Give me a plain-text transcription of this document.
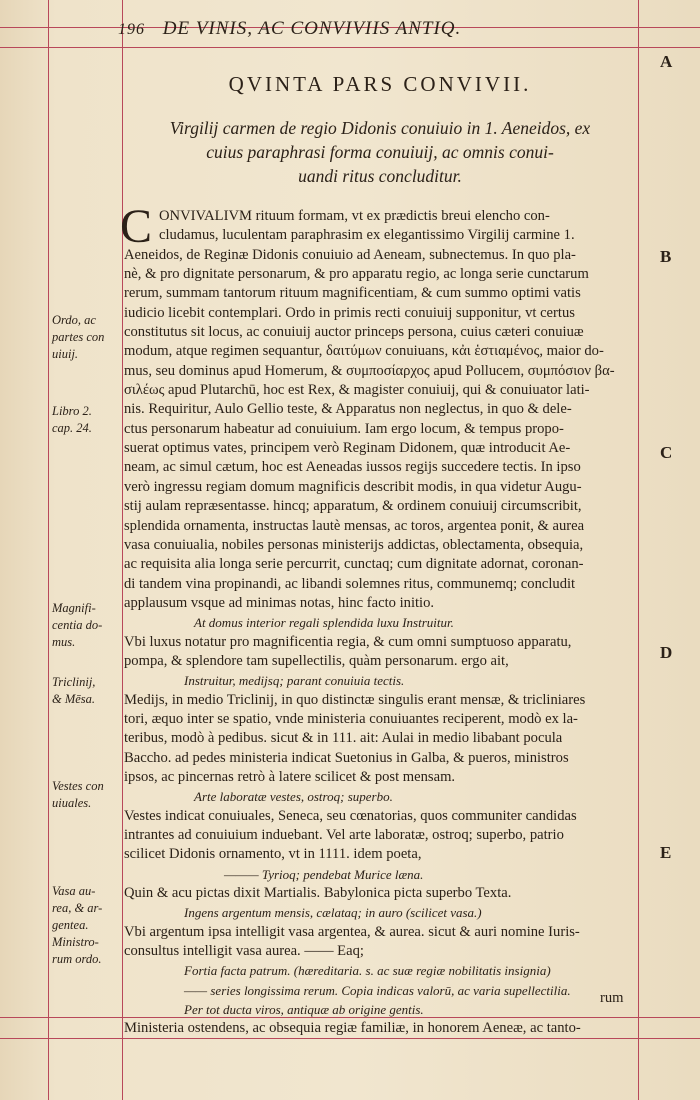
196 DE VINIS, AC CONVIVIIS ANTIQ.
QVINTA PARS CONVIVII.
Virgilij carmen de regio Didonis conuiuio in 1. Aeneidos, ex
cuius paraphrasi forma conuiuij, ac omnis conui-
uandi ritus concluditur.
C ONVIVALIVM rituum formam, vt ex prædictis breui elencho con-
cludamus, luculentam paraphrasim ex elegantissimo Virgilij carmine 1.
Aeneidos, de Reginæ Didonis conuiuio ad Aeneam, subnectemus. In quo pla-
nè, & pro dignitate personarum, & pro apparatu regio, ac longa serie cunctarum
rerum, summam tantorum rituum magnificentiam, & cum summo optimi vatis
iudicio licebit contemplari. Ordo in primis recti conuiuij supponitur, vt certus
constitutus sit locus, ac conuiuij auctor princeps persona, cuius cæteri conuiuæ
modum, atque regimen sequantur, δαιτύμων conuiuans, κἀι ἑστιαμένος, maior do-
mus, seu dominus apud Homerum, & συμποσίαρχος apud Pollucem, συμπόσιον βα-
σιλέως apud Plutarchū, hoc est Rex, & magister conuiuij, qui & conuiuator lati-
nis. Requiritur, Aulo Gellio teste, & Apparatus non neglectus, in quo & dele-
ctus personarum habeatur ad conuiuium. Iam ergo locum, & tempus propo-
suerat optimus vates, principem verò Reginam Didonem, quæ introducit Ae-
neam, ac simul cætum, hoc est Aeneadas iussos regijs succedere tectis. In ipso
verò ingressu regiam domum magnificis describit modis, in qua videtur Augu-
stij aulam repræsentasse. hincq; apparatum, & ordinem conuiuij circumscribit,
splendida ornamenta, instructas lautè mensas, ac toros, argentea ponit, & aurea
vasa conuiualia, nobiles personas ministerijs addictas, oblectamenta, obsequia,
ac requisita alia longa serie percurrit, cunctaq; cum dignitate adornat, coronan-
di tandem vina propinandi, ac libandi solemnes ritus, communemq; concludit
applausum vsque ad minimas notas, hinc facto initio.
At domus interior regali splendida luxu Instruitur.
Vbi luxus notatur pro magnificentia regia, & cum omni sumptuoso apparatu,
pompa, & splendore tam supellectilis, quàm personarum. ergo ait,
Instruitur, medijsq; parant conuiuia tectis.
Medijs, in medio Triclinij, in quo distinctæ singulis erant mensæ, & tricliniares
tori, æquo inter se spatio, vnde ministeria conuiuantes reciperent, modò ex la-
teribus, modò à pedibus. sicut & in 111. ait: Aulai in medio libabant pocula
Baccho. ad pedes ministeria indicat Suetonius in Galba, & pueros, ministros
ipsos, ac pincernas retrò à latere scilicet & post mensam.
Arte laboratæ vestes, ostroq; superbo.
Vestes indicat conuiuales, Seneca, seu cœnatorias, quos communiter candidas
intrantes ad conuiuium induebant. Vel arte laboratæ, ostroq; superbo, patrio
scilicet Didonis ornamento, vt in 1111. idem poeta,
——— Tyrioq; pendebat Murice læna.
Quin & acu pictas dixit Martialis. Babylonica picta superbo Texta.
Ingens argentum mensis, cælataq; in auro (scilicet vasa.)
Vbi argentum ipsa intelligit vasa argentea, & aurea. sicut & auri nomine Iuris-
consultus intelligit vasa aurea. —— Eaq;
Fortia facta patrum. (hæreditaria. s. ac suæ regiæ nobilitatis insignia)
—— series longissima rerum. Copia indicas valorū, ac varia supellectilia.
Per tot ducta viros, antiquæ ab origine gentis.
Ministeria ostendens, ac obsequia regiæ familiæ, in honorem Aeneæ, ac tanto-
Ordo, ac
partes con
uiuij.
Libro 2.
cap. 24.
Magnifi-
centia do-
mus.
Triclinij,
& Mēsa.
Vestes con
uiuales.
Vasa au-
rea, & ar-
gentea.
Ministro-
rum ordo.
A
B
C
D
E
rum
